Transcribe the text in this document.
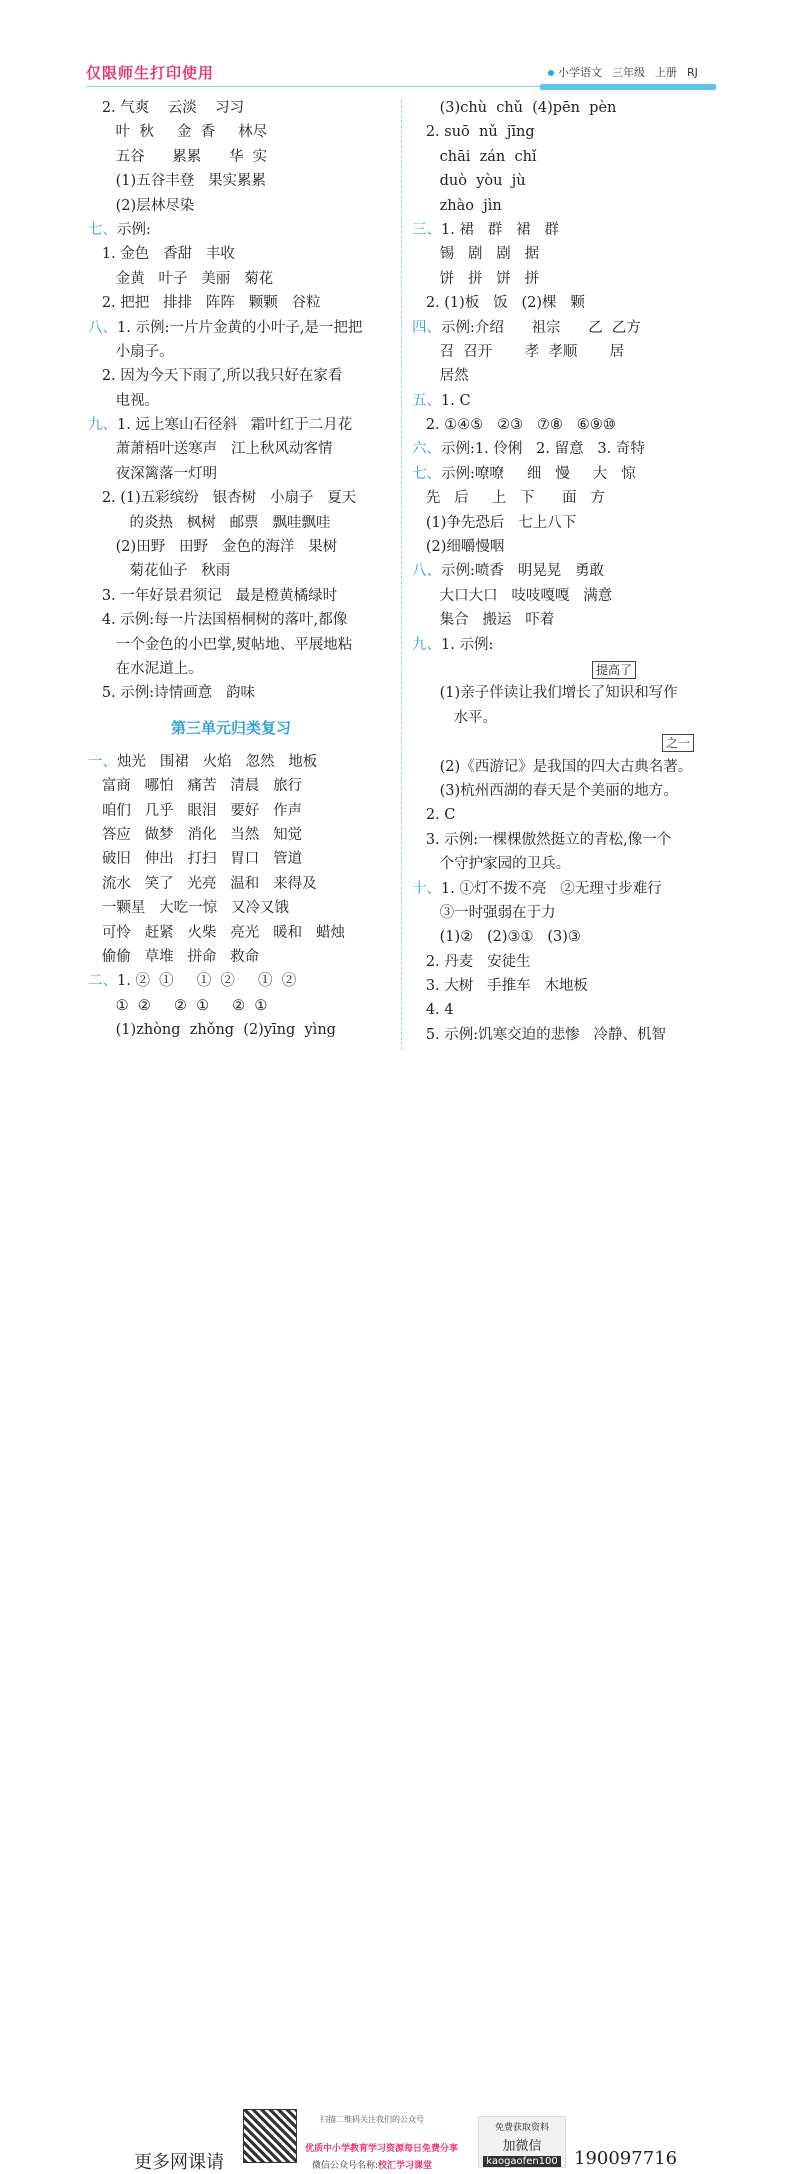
仅限师生打印使用	小学语文 三年级 上册 RJ
2. 气爽    云淡    习习
叶  秋     金  香     林尽
五谷      累累      华  实
(1)五谷丰登   果实累累
(2)层林尽染
七、示例:
1. 金色   香甜   丰收
金黄   叶子   美丽   菊花
2. 把把   排排   阵阵   颗颗   谷粒
八、1. 示例:一片片金黄的小叶子,是一把把
小扇子。
2. 因为今天下雨了,所以我只好在家看
电视。
九、1. 远上寒山石径斜   霜叶红于二月花
萧萧梧叶送寒声   江上秋风动客情
夜深篱落一灯明
2. (1)五彩缤纷   银杏树   小扇子   夏天
的炎热   枫树   邮票   飘哇飘哇
(2)田野   田野   金色的海洋   果树
菊花仙子   秋雨
3. 一年好景君须记   最是橙黄橘绿时
4. 示例:每一片法国梧桐树的落叶,都像
一个金色的小巴掌,熨帖地、平展地粘
在水泥道上。
5. 示例:诗情画意   韵味
第三单元归类复习
一、烛光   围裙   火焰   忽然   地板
富商   哪怕   痛苦   清晨   旅行
咱们   几乎   眼泪   要好   作声
答应   做梦   消化   当然   知觉
破旧   伸出   打扫   胃口   管道
流水   笑了   光亮   温和   来得及
一颗星   大吃一惊   又冷又饿
可怜   赶紧   火柴   亮光   暖和   蜡烛
偷偷   草堆   拼命   救命
二、1. ②  ①     ①  ②     ①  ②
①  ②     ②  ①     ②  ①
(1)zhòng  zhǒng  (2)yīng  yìng
(3)chù  chǔ  (4)pēn  pèn
2. suō  nǔ  jīng
chāi  zán  chǐ
duò  yòu  jù
zhào  jìn
三、1. 裙   群   裙   群
锡   剧   剧   据
饼   拼   饼   拼
2. (1)板   饭   (2)棵   颗
四、示例:介绍      祖宗      乙  乙方
召  召开       孝  孝顺       居
居然
五、1. C
2. ①④⑤   ②③   ⑦⑧   ⑥⑨⑩
六、示例:1. 伶俐   2. 留意   3. 奇特
七、示例:嘹嘹     细   慢     大   惊
先   后     上   下      面   方
(1)争先恐后   七上八下
(2)细嚼慢咽
八、示例:喷香   明晃晃   勇敢
大口大口   吱吱嘎嘎   满意
集合   搬运   吓着
九、1. 示例:
提高了
(1)亲子伴读让我们增长了知识和写作
水平。
之一
(2)《西游记》是我国的四大古典名著。
(3)杭州西湖的春天是个美丽的地方。
2. C
3. 示例:一棵棵傲然挺立的青松,像一个
个守护家园的卫兵。
十、1. ①灯不拨不亮   ②无理寸步难行
③一时强弱在于力
(1)②   (2)③①   (3)③
2. 丹麦   安徒生
3. 大树   手推车   木地板
4. 4
5. 示例:饥寒交迫的悲惨   冷静、机智
更多网课请
扫描二维码关注我们的公众号
优质中小学教育学习资源每日免费分享
微信公众号名称:校汇学习课堂
免费获取资料
加微信
kaogaofen100 190097716
